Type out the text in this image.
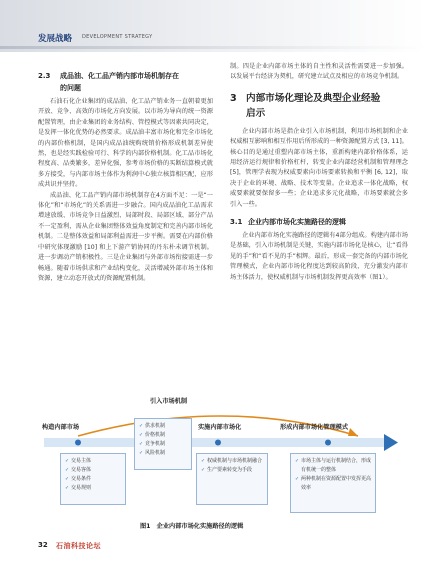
发展战略 DEVELOPMENT STRATEGY
2.3 成品油、化工品产销内部市场机制存在
的问题

石油石化企业集团的成品油、化工品产销业务一直朝着更加开放、竞争、高效的市场化方向发展。以市场为导向的统一资源配置管理，由企业集团的业务结构、管控模式等因素共同决定，是发挥一体化优势的必然要求。成品油丰富市场化和完全市场化的内部价格机制，是国内成品油统购统销价格形成机制差异使然，也是经实践检验可行、科学的内部价格机制。化工品市场化程度高、品类繁多，差异化强，参考市场价格的买断结算模式就多方接受，与内部市场主体作为利润中心独立核算相匹配，应形成共识并坚持。

成品油、化工品产销内部市场机制存在4方面不足：一是“一体化”和“市场化”的关系需进一步融合。国内成品油化工品需求增速放缓、市场竞争日益激烈、局部时段、局部区域、部分产品不一定盈利，需从企业集团整体效益角度制定和完善内部市场化机制。二是整体效益和局部利益需进一步平衡。需要在内部价格中研究体现激励 [10] 和上下游产销协同的丹东朴未调节机制。进一步调动产销积极性。三是企业集团与外部市场衔接需进一步畅通。随着市场供求和产业结构变化，灵活增减外部市场主体和资源，建立动态开放式的资源配置机制。

制。四是企业内部市场主体的自主性和灵活性需要进一步加强。以发展平台经济为契机，研究建立试点及相应的市场竞争机制。

3 内部市场化理论及典型企业经验
启示

企业内部市场是指企业引入市场机制，利用市场机制和企业权威相互影响和相互作用后所形成的一种资源配置方式 [3, 11]。核心目的是通过重塑内部市场主体，重新构建内部价格体系，运用经济运行规律和价格杠杆，转变企业内部经营机制和管理理念 [5]，管理学表现为权威要素向市场要素转换和平衡 [6, 12]，取决于企业的环境、战略、技术等变量。企业追求一体化战略，权威要素就要保留多一些；企业追求多元化战略，市场要素就会多引入一些。

3.1 企业内部市场化实施路径的逻辑

企业内部市场化实施路径的逻辑有4部分组成。构建内部市场是基础，引入市场机制是关键，实施内部市场化是核心，让“看得见的手”和“看不见的手”相辉。最后，形成一套完备的内部市场化管理模式，企业内部市场化程度达到较高阶段，充分激发内部市场主体活力，使权威机制与市场机制发挥更高效率（图1）。

引入市场机制
构造内部市场	实施内部市场化	形成内部市场化管理模式
✓ 交易主体
✓ 交易客体
✓ 交易条件
✓ 交易规则
✓ 供求机制
✓ 价格机制
✓ 竞争机制
✓ 风险机制
✓ 权威机制与市场机制融合
✓ 生产要素转变为手段
✓ 市场主体与运行机制结合，形成有机统一的整体
✓ 两种机制在资源配置中发挥更高效率
图1　企业内部市场化实施路径的逻辑
32 石油科技论坛
